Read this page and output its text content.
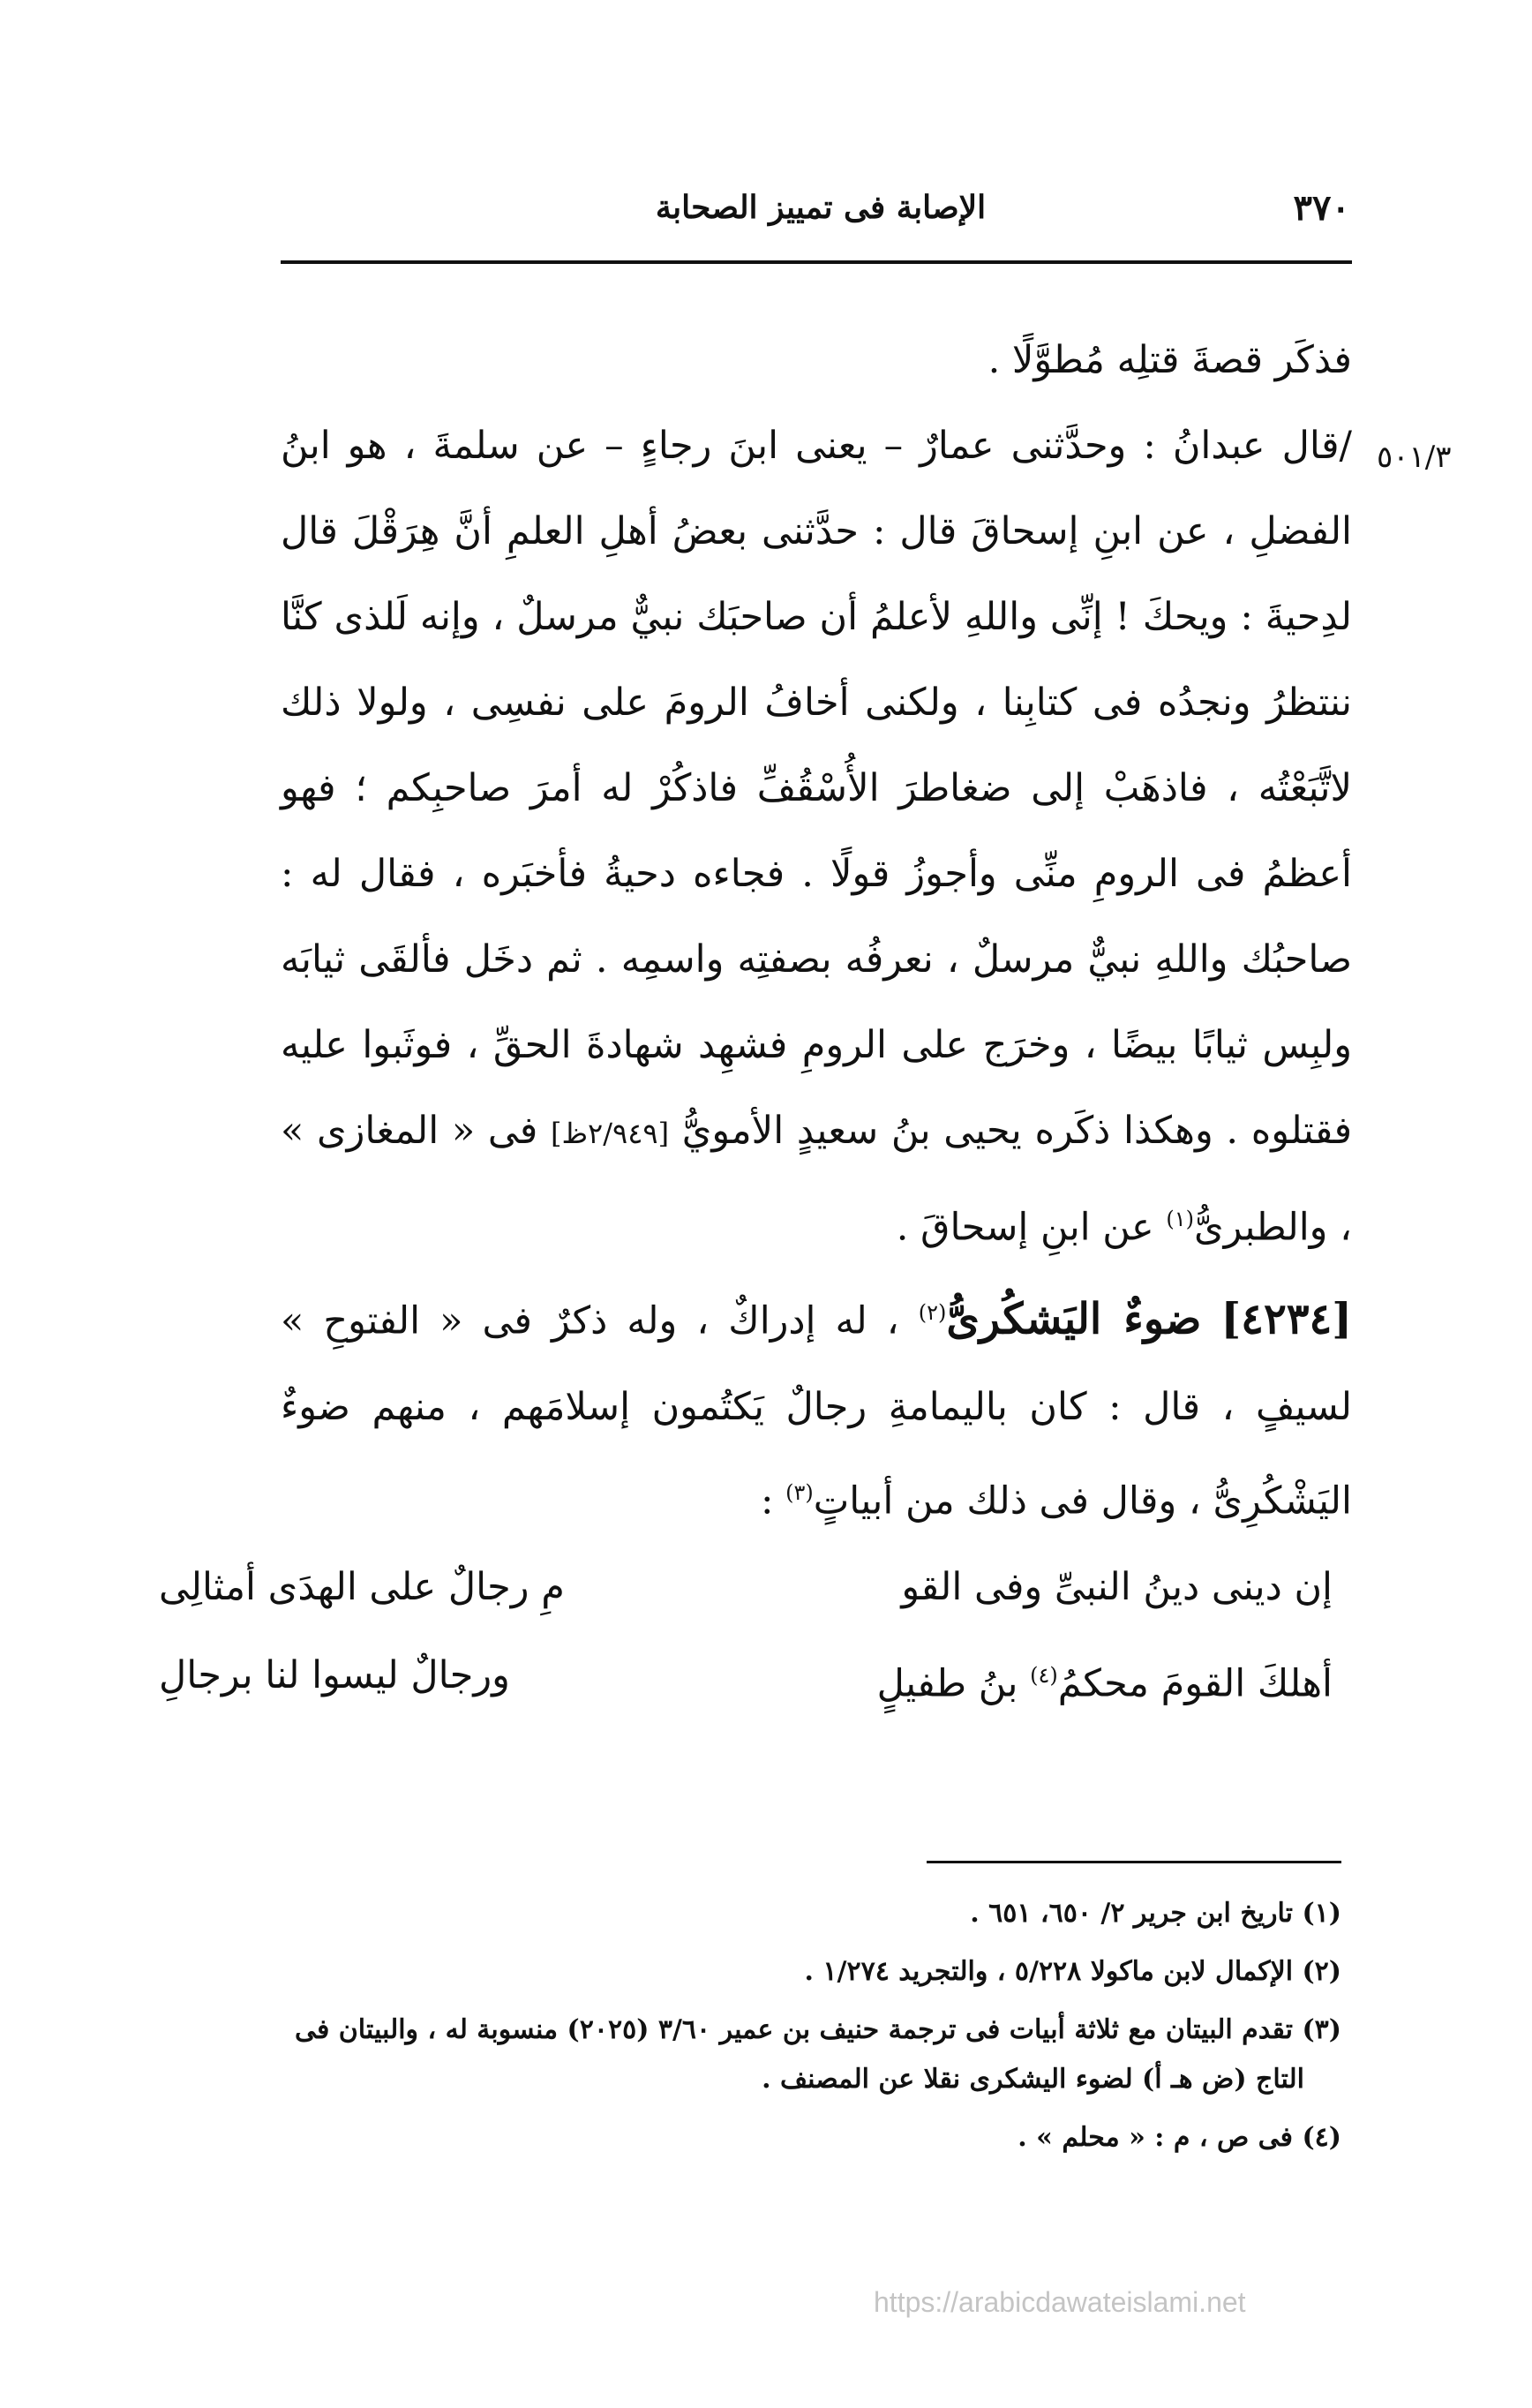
٣٧٠
الإصابة فى تمييز الصحابة
٥٠١/٣

فذكَر قصةَ قتلِه مُطوَّلًا .

/قال عبدانُ : وحدَّثنى عمارٌ – يعنى ابنَ رجاءٍ – عن سلمةَ ، هو ابنُ الفضلِ ، عن ابنِ إسحاقَ قال : حدَّثنى بعضُ أهلِ العلمِ أنَّ هِرَقْلَ قال لدِحيةَ : ويحكَ ! إنِّى واللهِ لأعلمُ أن صاحبَك نبيٌّ مرسلٌ ، وإنه لَلذى كنَّا ننتظرُ ونجدُه فى كتابِنا ، ولكنى أخافُ الرومَ على نفسِى ، ولولا ذلك لاتَّبَعْتُه ، فاذهَبْ إلى ضغاطرَ الأُسْقُفِّ فاذكُرْ له أمرَ صاحبِكم ؛ فهو أعظمُ فى الرومِ منِّى وأجوزُ قولًا . فجاءه دحيةُ فأخبَره ، فقال له : صاحبُك واللهِ نبيٌّ مرسلٌ ، نعرفُه بصفتِه واسمِه . ثم دخَل فألقَى ثيابَه ولبِس ثيابًا بيضًا ، وخرَج على الرومِ فشهِد شهادةَ الحقِّ ، فوثَبوا عليه فقتلوه . وهكذا ذكَره يحيى بنُ سعيدٍ الأمويُّ [٢/٩٤٩ظ] فى « المغازى » ، والطبرىُّ$^{(١)}$ عن ابنِ إسحاقَ .

[٤٢٣٤] ضوءٌ اليَشكُرىُّ$^{(٢)}$ ، له إدراكٌ ، وله ذكرٌ فى « الفتوحِ » لسيفٍ ، قال : كان باليمامةِ رجالٌ يَكتُمون إسلامَهم ، منهم ضوءٌ اليَشْكُرِىُّ ، وقال فى ذلك من أبياتٍ$^{(٣)}$ :

إن دينى دينُ النبىِّ وفى القو
مِ رجالٌ على الهدَى أمثالِى
أهلكَ القومَ محكمُ$^{(٤)}$ بنُ طفيلٍ
ورجالٌ ليسوا لنا برجالِ

(١) تاريخ ابن جرير ٢/ ٦٥٠، ٦٥١ .

(٢) الإكمال لابن ماكولا ٥/٢٢٨ ، والتجريد ١/٢٧٤ .

(٣) تقدم البيتان مع ثلاثة أبيات فى ترجمة حنيف بن عمير ٣/٦٠ (٢٠٢٥) منسوبة له ، والبيتان فى
التاج (ض هـ أ) لضوء اليشكرى نقلا عن المصنف .

(٤) فى ص ، م : « محلم » .

https://arabicdawateislami.net
